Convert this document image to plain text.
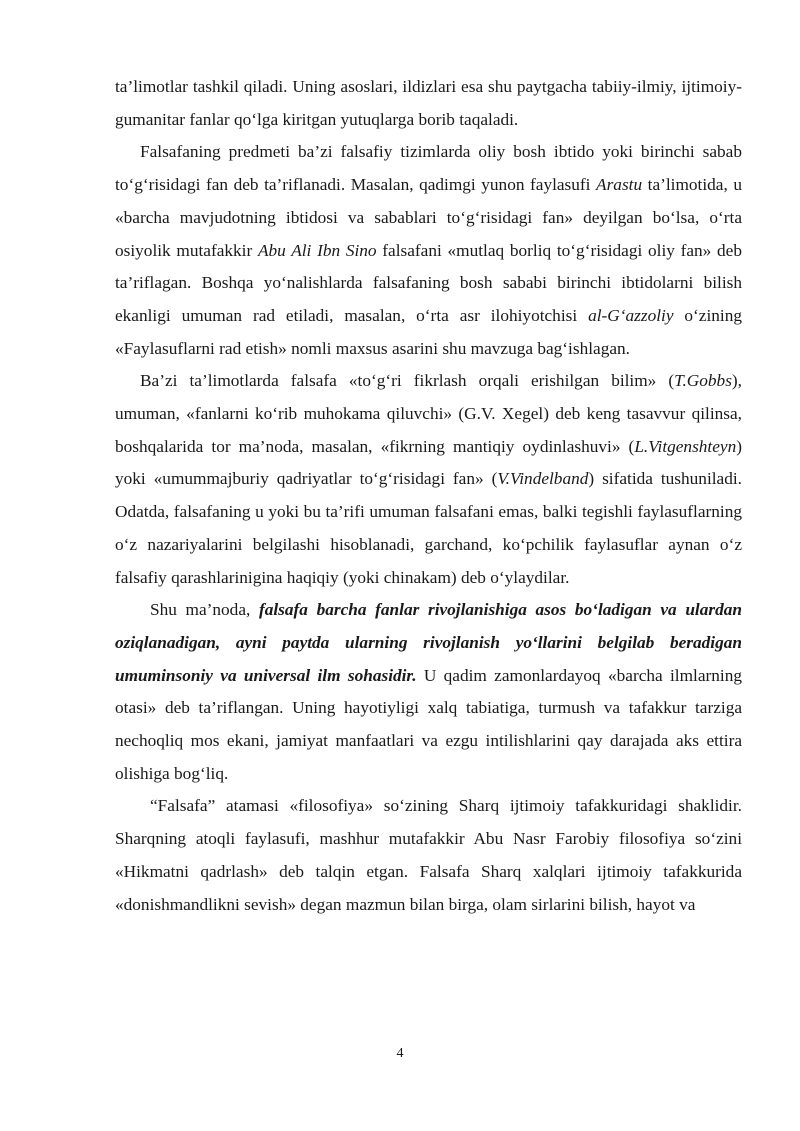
ta’limotlar tashkil qiladi. Uning asoslari, ildizlari esa shu paytgacha tabiiy-ilmiy, ijtimoiy-gumanitar fanlar qo‘lga kiritgan yutuqlarga borib taqaladi.

Falsafaning predmeti ba’zi falsafiy tizimlarda oliy bosh ibtido yoki birinchi sabab to‘g‘risidagi fan deb ta’riflanadi. Masalan, qadimgi yunon faylasufi Arastu ta’limotida, u «barcha mavjudotning ibtidosi va sabablari to‘g‘risidagi fan» deyilgan bo‘lsa, o‘rta osiyolik mutafakkir Abu Ali Ibn Sino falsafani «mutlaq borliq to‘g‘risidagi oliy fan» deb ta’riflagan. Boshqa yo‘nalishlarda falsafaning bosh sababi birinchi ibtidolarni bilish ekanligi umuman rad etiladi, masalan, o‘rta asr ilohiyotchisi al-G‘azzoliy o‘zining «Faylasuflarni rad etish» nomli maxsus asarini shu mavzuga bag‘ishlagan.

Ba’zi ta’limotlarda falsafa «to‘g‘ri fikrlash orqali erishilgan bilim» (T.Gobbs), umuman, «fanlarni ko‘rib muhokama qiluvchi» (G.V. Xegel) deb keng tasavvur qilinsa, boshqalarida tor ma’noda, masalan, «fikrning mantiqiy oydinlashuvi» (L.Vitgenshteyn) yoki «umummajburiy qadriyatlar to‘g‘risidagi fan» (V.Vindelband) sifatida tushuniladi. Odatda, falsafaning u yoki bu ta’rifi umuman falsafani emas, balki tegishli faylasuflarning o‘z nazariyalarini belgilashi hisoblanadi, garchand, ko‘pchilik faylasuflar aynan o‘z falsafiy qarashlarinigina haqiqiy (yoki chinakam) deb o‘ylaydilar.

Shu ma’noda, falsafa barcha fanlar rivojlanishiga asos bo‘ladigan va ulardan oziqlanadigan, ayni paytda ularning rivojlanish yo‘llarini belgilab beradigan umuminsoniy va universal ilm sohasidir. U qadim zamonlardayoq «barcha ilmlarning otasi» deb ta’riflangan. Uning hayotiyligi xalq tabiatiga, turmush va tafakkur tarziga nechoqliq mos ekani, jamiyat manfaatlari va ezgu intilishlarini qay darajada aks ettira olishiga bog‘liq.

“Falsafa” atamasi «filosofiya» so‘zining Sharq ijtimoiy tafakkuridagi shaklidir. Sharqning atoqli faylasufi, mashhur mutafakkir Abu Nasr Farobiy filosofiya so‘zini «Hikmatni qadrlash» deb talqin etgan. Falsafa Sharq xalqlari ijtimoiy tafakkurida «donishmandlikni sevish» degan mazmun bilan birga, olam sirlarini bilish, hayot va

4
